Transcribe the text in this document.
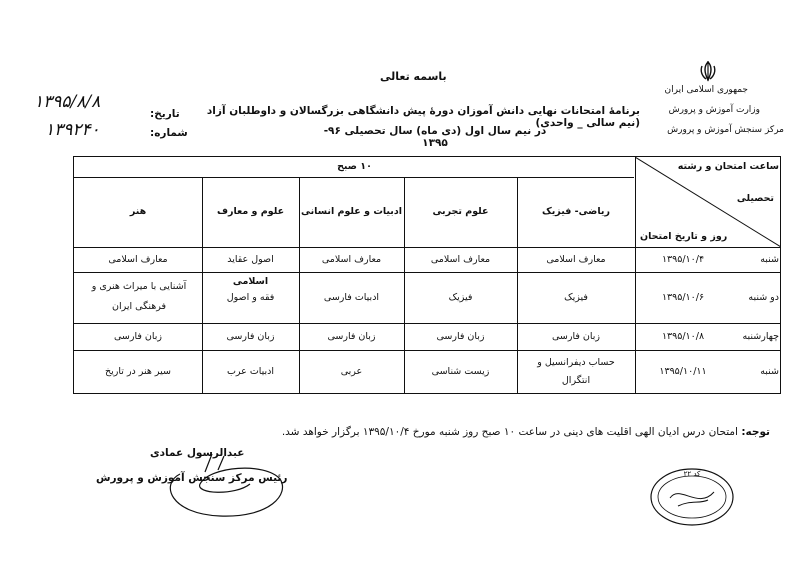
جمهوری اسلامی ایران
وزارت آموزش و پرورش
مرکز سنجش آموزش و پرورش
باسمه تعالی
برنامهٔ امتحانات نهایی دانش آموزان دورهٔ پیش دانشگاهی بزرگسالان و داوطلبان آزاد (نیم سالی _ واحدی)
در نیم سال اول (دی ماه) سال تحصیلی ۹۶- ۱۳۹۵
تاریخ:
شماره:
۱۳۹۵/۸/۸
۱۳۹۲۴۰
ساعت امتحان و رشته
تحصیلی
روز و تاریخ امتحان
۱۰ صبح
ریاضی- فیزیک
علوم تجربی
ادبیات و علوم انسانی
علوم و معارف اسلامی
هنر
شنبه
۱۳۹۵/۱۰/۴
معارف اسلامی
معارف اسلامی
معارف اسلامی
اصول عقاید
معارف اسلامی
دو شنبه
۱۳۹۵/۱۰/۶
فیزیک
فیزیک
ادبیات فارسی
فقه و اصول
آشنایی با میراث هنری و فرهنگی ایران
چهارشنبه
۱۳۹۵/۱۰/۸
زبان فارسی
زبان فارسی
زبان فارسی
زبان فارسی
زبان فارسی
شنبه
۱۳۹۵/۱۰/۱۱
حساب دیفرانسیل و انتگرال
زیست شناسی
عربی
ادبیات عرب
سیر هنر در تاریخ
توجه: امتحان درس ادیان الهی اقلیت های دینی در ساعت ۱۰ صبح روز شنبه مورخ ۱۳۹۵/۱۰/۴ برگزار خواهد شد.
عبدالرسول عمادی
رئیس مرکز سنجش آموزش و پرورش	کد ۲۲
